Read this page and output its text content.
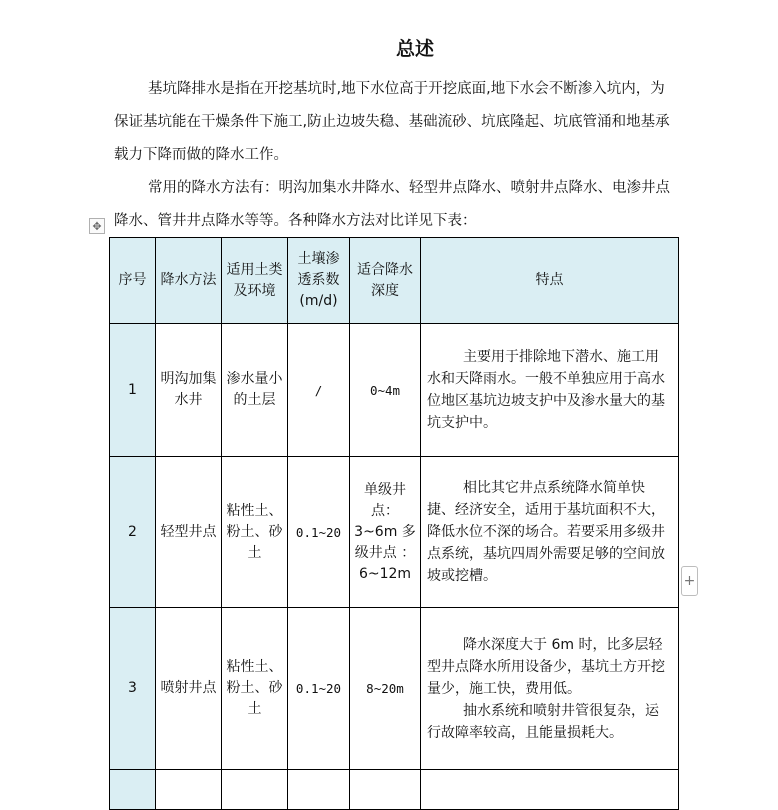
总述

基坑降排水是指在开挖基坑时,地下水位高于开挖底面,地下水会不断渗入坑内，为保证基坑能在干燥条件下施工,防止边坡失稳、基础流砂、坑底隆起、坑底管涌和地基承载力下降而做的降水工作。

常用的降水方法有：明沟加集水井降水、轻型井点降水、喷射井点降水、电渗井点降水、管井井点降水等等。各种降水方法对比详见下表：

✥
序号	降水方法	适用土类及环境	土壤渗透系数(m/d)	适合降水深度	特点
1	明沟加集水井	渗水量小的土层	/	0~4m	主要用于排除地下潜水、施工用水和天降雨水。一般不单独应用于高水位地区基坑边坡支护中及渗水量大的基坑支护中。

2	轻型井点	粘性土、粉土、砂土	0.1~20	单级井点：3~6m 多级井点 ：6~12m	相比其它井点系统降水简单快捷、经济安全，适用于基坑面积不大，降低水位不深的场合。若要采用多级井点系统，基坑四周外需要足够的空间放坡或挖槽。

3	喷射井点	粘性土、粉土、砂土	0.1~20	8~20m	降水深度大于 6m 时，比多层轻型井点降水所用设备少，基坑土方开挖量少，施工快，费用低。

抽水系统和喷射井管很复杂，运行故障率较高，且能量损耗大。

+
